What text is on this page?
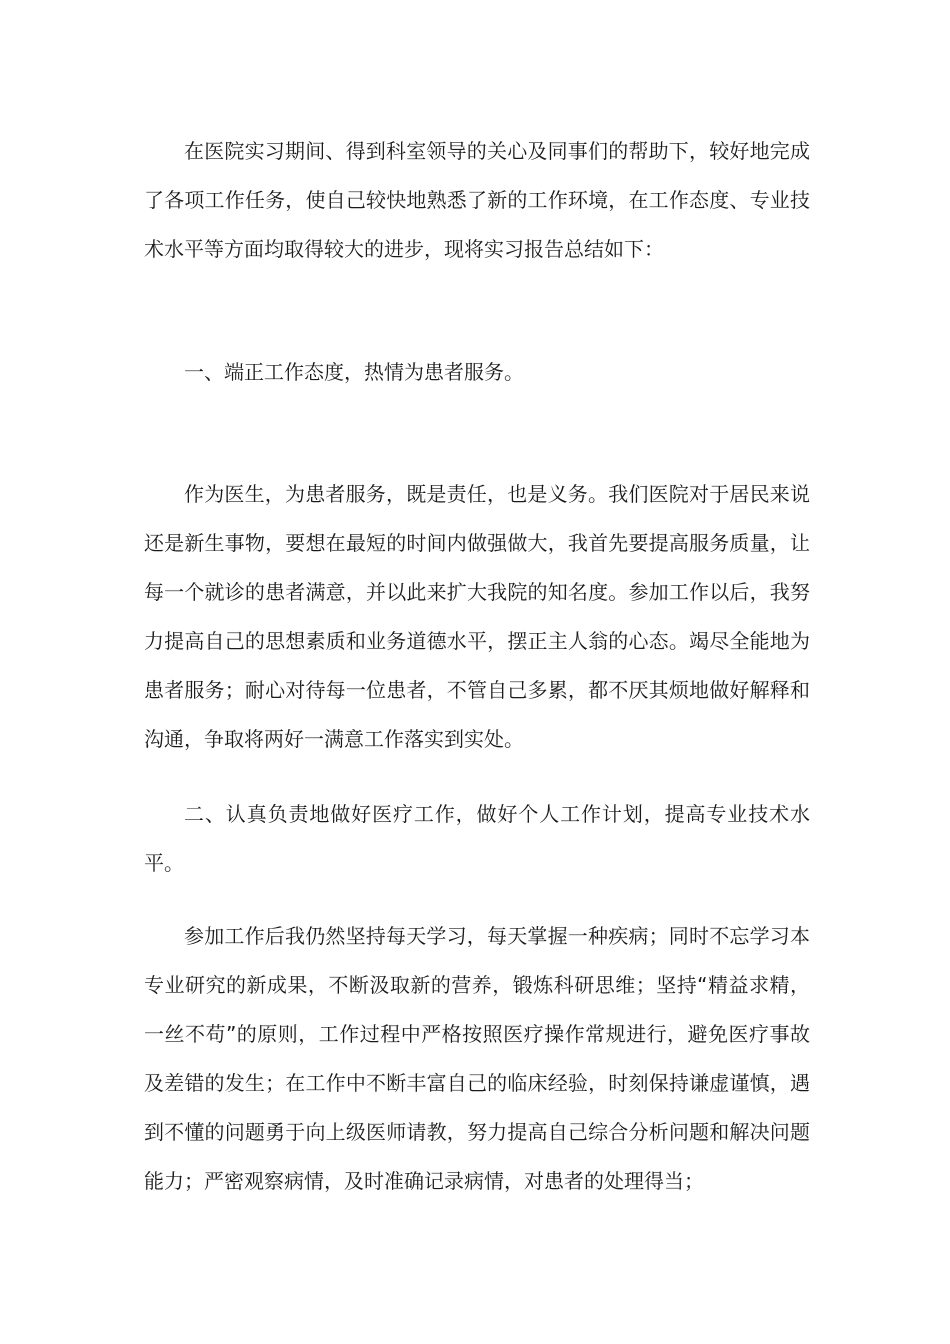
在医院实习期间、得到科室领导的关心及同事们的帮助下，较好地完成了各项工作任务，使自己较快地熟悉了新的工作环境，在工作态度、专业技术水平等方面均取得较大的进步，现将实习报告总结如下：

一、端正工作态度，热情为患者服务。

作为医生，为患者服务，既是责任，也是义务。我们医院对于居民来说还是新生事物，要想在最短的时间内做强做大，我首先要提高服务质量，让每一个就诊的患者满意，并以此来扩大我院的知名度。参加工作以后，我努力提高自己的思想素质和业务道德水平，摆正主人翁的心态。竭尽全能地为患者服务；耐心对待每一位患者，不管自己多累，都不厌其烦地做好解释和沟通，争取将两好一满意工作落实到实处。

二、认真负责地做好医疗工作，做好个人工作计划，提高专业技术水平。

参加工作后我仍然坚持每天学习，每天掌握一种疾病；同时不忘学习本专业研究的新成果，不断汲取新的营养，锻炼科研思维；坚持“精益求精，一丝不苟”的原则，工作过程中严格按照医疗操作常规进行，避免医疗事故及差错的发生；在工作中不断丰富自己的临床经验，时刻保持谦虚谨慎，遇到不懂的问题勇于向上级医师请教，努力提高自己综合分析问题和解决问题能力；严密观察病情，及时准确记录病情，对患者的处理得当；
